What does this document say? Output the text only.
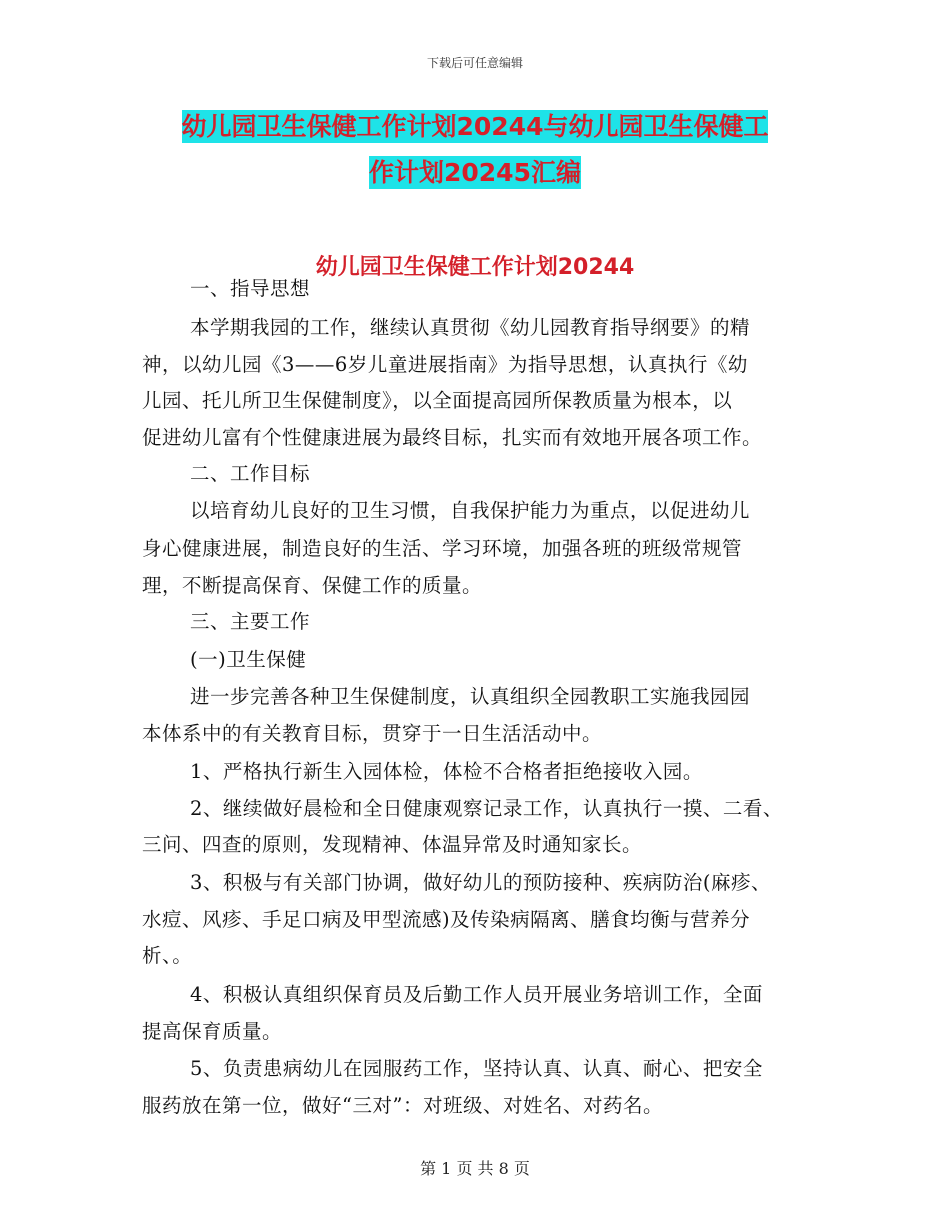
下载后可任意编辑
幼儿园卫生保健工作计划20244与幼儿园卫生保健工
作计划20245汇编
幼儿园卫生保健工作计划20244
一、指导思想
本学期我园的工作，继续认真贯彻《幼儿园教育指导纲要》的精
神，以幼儿园《3——6岁儿童进展指南》为指导思想，认真执行《幼
儿园、托儿所卫生保健制度》，以全面提高园所保教质量为根本，以
促进幼儿富有个性健康进展为最终目标，扎实而有效地开展各项工作。
二、工作目标
以培育幼儿良好的卫生习惯，自我保护能力为重点，以促进幼儿
身心健康进展，制造良好的生活、学习环境，加强各班的班级常规管
理，不断提高保育、保健工作的质量。
三、主要工作
(一)卫生保健
进一步完善各种卫生保健制度，认真组织全园教职工实施我园园
本体系中的有关教育目标，贯穿于一日生活活动中。
1、严格执行新生入园体检，体检不合格者拒绝接收入园。
2、继续做好晨检和全日健康观察记录工作，认真执行一摸、二看、
三问、四查的原则，发现精神、体温异常及时通知家长。
3、积极与有关部门协调，做好幼儿的预防接种、疾病防治(麻疹、
水痘、风疹、手足口病及甲型流感)及传染病隔离、膳食均衡与营养分
析、。
4、积极认真组织保育员及后勤工作人员开展业务培训工作，全面
提高保育质量。
5、负责患病幼儿在园服药工作，坚持认真、认真、耐心、把安全
服药放在第一位，做好“三对”：对班级、对姓名、对药名。
第 1 页 共 8 页
